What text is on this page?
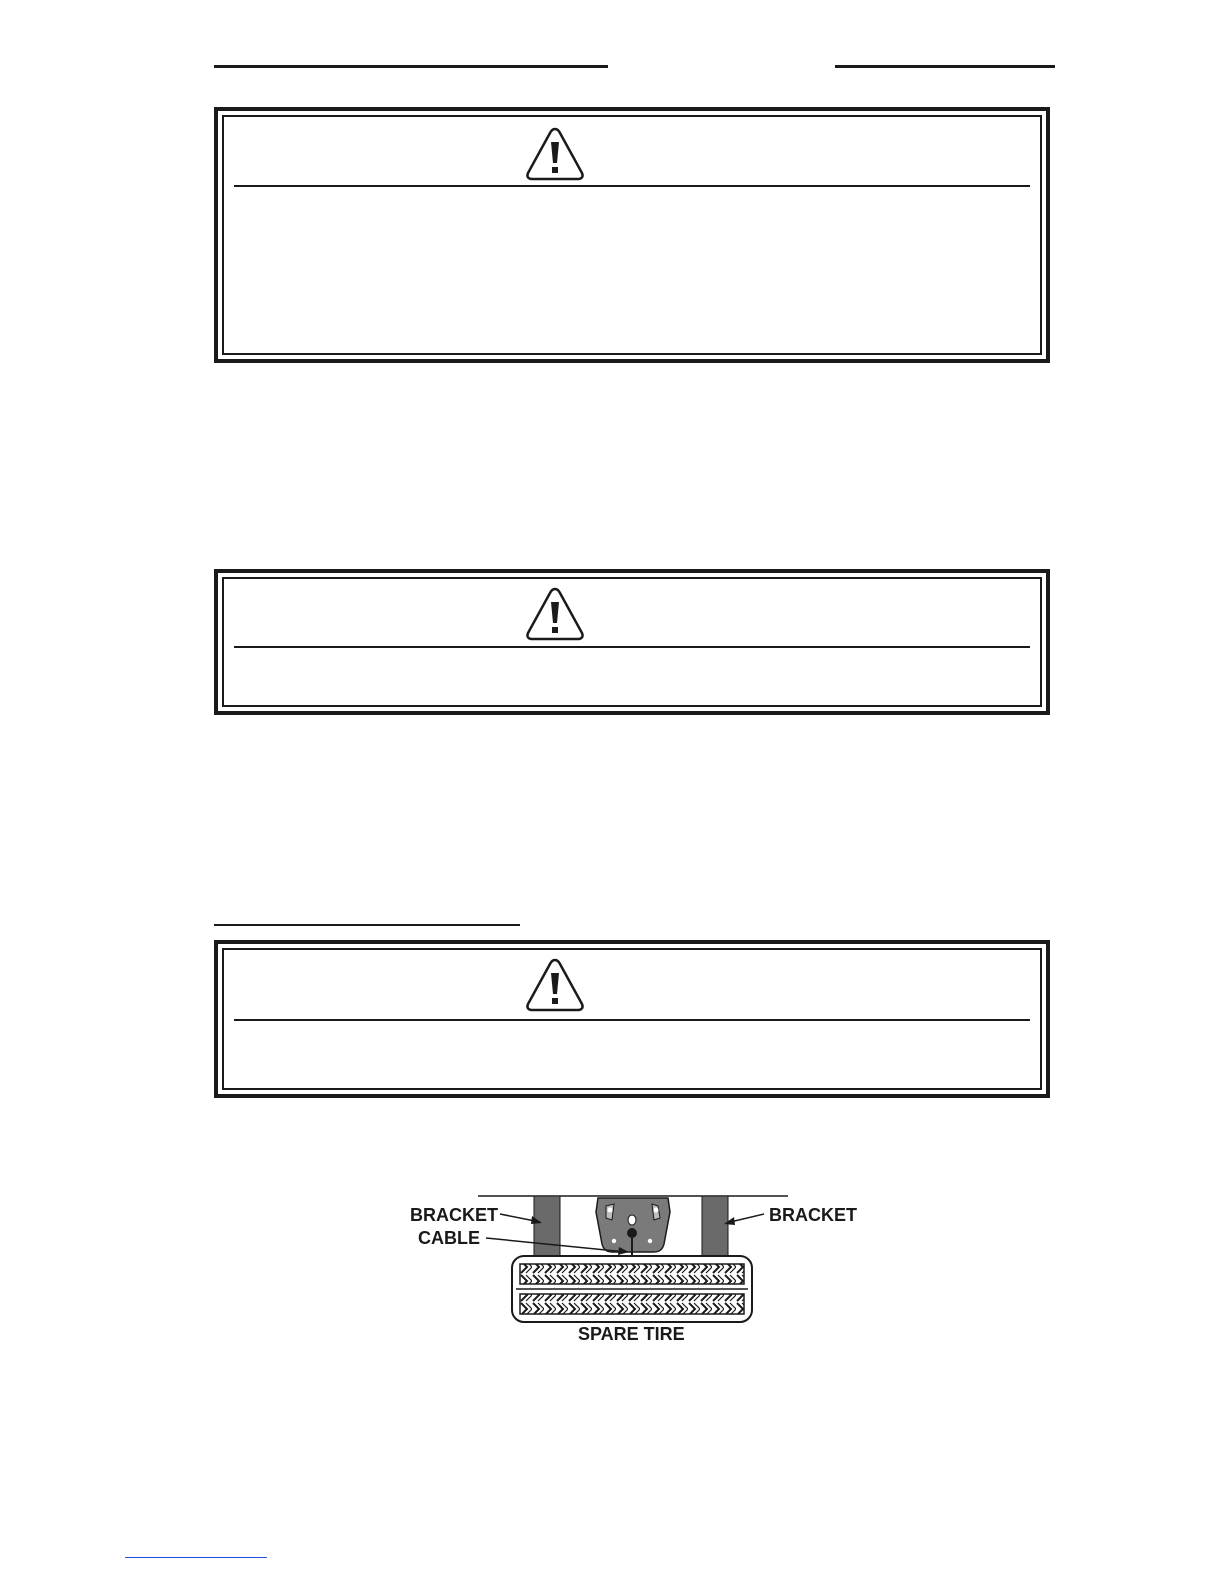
BRACKET	BRACKET
CABLE
SPARE TIRE
